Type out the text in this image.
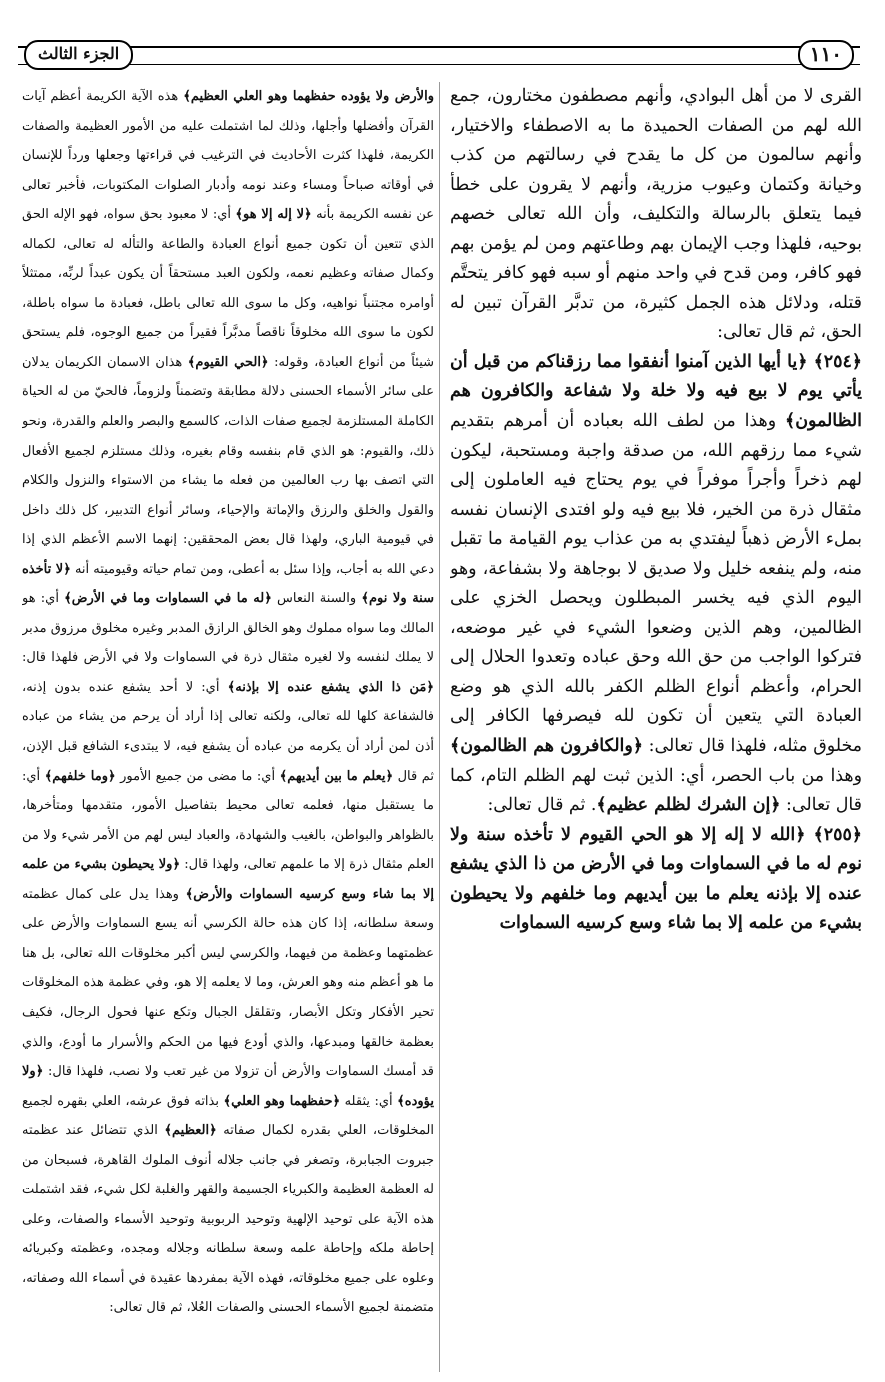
١١٠
الجزء الثالث

القرى لا من أهل البوادي، وأنهم مصطفون مختارون، جمع الله لهم من الصفات الحميدة ما به الاصطفاء والاختيار، وأنهم سالمون من كل ما يقدح في رسالتهم من كذب وخيانة وكتمان وعيوب مزرية، وأنهم لا يقرون على خطأ فيما يتعلق بالرسالة والتكليف، وأن الله تعالى خصهم بوحيه، فلهذا وجب الإيمان بهم وطاعتهم ومن لم يؤمن بهم فهو كافر، ومن قدح في واحد منهم أو سبه فهو كافر يتحتَّم قتله، ودلائل هذه الجمل كثيرة، من تدبَّر القرآن تبين له الحق، ثم قال تعالى:

﴿٢٥٤﴾ ﴿يا أيها الذين آمنوا أنفقوا مما رزقناكم من قبل أن يأتي يوم لا بيع فيه ولا خلة ولا شفاعة والكافرون هم الظالمون﴾ وهذا من لطف الله بعباده أن أمرهم بتقديم شيء مما رزقهم الله، من صدقة واجبة ومستحبة، ليكون لهم ذخراً وأجراً موفراً في يوم يحتاج فيه العاملون إلى مثقال ذرة من الخير، فلا بيع فيه ولو افتدى الإنسان نفسه بملء الأرض ذهباً ليفتدي به من عذاب يوم القيامة ما تقبل منه، ولم ينفعه خليل ولا صديق لا بوجاهة ولا بشفاعة، وهو اليوم الذي فيه يخسر المبطلون ويحصل الخزي على الظالمين، وهم الذين وضعوا الشيء في غير موضعه، فتركوا الواجب من حق الله وحق عباده وتعدوا الحلال إلى الحرام، وأعظم أنواع الظلم الكفر بالله الذي هو وضع العبادة التي يتعين أن تكون لله فيصرفها الكافر إلى مخلوق مثله، فلهذا قال تعالى: ﴿والكافرون هم الظالمون﴾ وهذا من باب الحصر، أي: الذين ثبت لهم الظلم التام، كما قال تعالى: ﴿إن الشرك لظلم عظيم﴾. ثم قال تعالى:

﴿٢٥٥﴾ ﴿الله لا إله إلا هو الحي القيوم لا تأخذه سنة ولا نوم له ما في السماوات وما في الأرض من ذا الذي يشفع عنده إلا بإذنه يعلم ما بين أيديهم وما خلفهم ولا يحيطون بشيء من علمه إلا بما شاء وسع كرسيه السماوات

والأرض ولا يؤوده حفظهما وهو العلي العظيم﴾ هذه الآية الكريمة أعظم آيات القرآن وأفضلها وأجلها، وذلك لما اشتملت عليه من الأمور العظيمة والصفات الكريمة، فلهذا كثرت الأحاديث في الترغيب في قراءتها وجعلها ورداً للإنسان في أوقاته صباحاً ومساء وعند نومه وأدبار الصلوات المكتوبات، فأخبر تعالى عن نفسه الكريمة بأنه ﴿لا إله إلا هو﴾ أي: لا معبود بحق سواه، فهو الإله الحق الذي تتعين أن تكون جميع أنواع العبادة والطاعة والتأله له تعالى، لكماله وكمال صفاته وعظيم نعمه، ولكون العبد مستحقاً أن يكون عبداً لربِّه، ممتثلاً أوامره مجتنباً نواهيه، وكل ما سوى الله تعالى باطل، فعبادة ما سواه باطلة، لكون ما سوى الله مخلوقاً ناقصاً مدبَّراً فقيراً من جميع الوجوه، فلم يستحق شيئاً من أنواع العبادة، وقوله: ﴿الحي القيوم﴾ هذان الاسمان الكريمان يدلان على سائر الأسماء الحسنى دلالة مطابقة وتضمناً ولزوماً، فالحيّ من له الحياة الكاملة المستلزمة لجميع صفات الذات، كالسمع والبصر والعلم والقدرة، ونحو ذلك، والقيوم: هو الذي قام بنفسه وقام بغيره، وذلك مستلزم لجميع الأفعال التي اتصف بها رب العالمين من فعله ما يشاء من الاستواء والنزول والكلام والقول والخلق والرزق والإماتة والإحياء، وسائر أنواع التدبير، كل ذلك داخل في قيومية الباري، ولهذا قال بعض المحققين: إنهما الاسم الأعظم الذي إذا دعي الله به أجاب، وإذا سئل به أعطى، ومن تمام حياته وقيوميته أنه ﴿لا تأخذه سنة ولا نوم﴾ والسنة النعاس ﴿له ما في السماوات وما في الأرض﴾ أي: هو المالك وما سواه مملوك وهو الخالق الرازق المدبر وغيره مخلوق مرزوق مدبر لا يملك لنفسه ولا لغيره مثقال ذرة في السماوات ولا في الأرض فلهذا قال: ﴿مَن ذا الذي يشفع عنده إلا بإذنه﴾ أي: لا أحد يشفع عنده بدون إذنه، فالشفاعة كلها لله تعالى، ولكنه تعالى إذا أراد أن يرحم من يشاء من عباده أذن لمن أراد أن يكرمه من عباده أن يشفع فيه، لا يبتدىء الشافع قبل الإذن، ثم قال ﴿يعلم ما بين أيديهم﴾ أي: ما مضى من جميع الأمور ﴿وما خلفهم﴾ أي: ما يستقبل منها، فعلمه تعالى محيط بتفاصيل الأمور، متقدمها ومتأخرها، بالظواهر والبواطن، بالغيب والشهادة، والعباد ليس لهم من الأمر شيء ولا من العلم مثقال ذرة إلا ما علمهم تعالى، ولهذا قال: ﴿ولا يحيطون بشيء من علمه إلا بما شاء وسع كرسيه السماوات والأرض﴾ وهذا يدل على كمال عظمته وسعة سلطانه، إذا كان هذه حالة الكرسي أنه يسع السماوات والأرض على عظمتهما وعظمة من فيهما، والكرسي ليس أكبر مخلوقات الله تعالى، بل هنا ما هو أعظم منه وهو العرش، وما لا يعلمه إلا هو، وفي عظمة هذه المخلوقات تحير الأفكار وتكل الأبصار، وتقلقل الجبال وتكع عنها فحول الرجال، فكيف بعظمة خالقها ومبدعها، والذي أودع فيها من الحكم والأسرار ما أودع، والذي قد أمسك السماوات والأرض أن تزولا من غير تعب ولا نصب، فلهذا قال: ﴿ولا يؤوده﴾ أي: يثقله ﴿حفظهما وهو العلي﴾ بذاته فوق عرشه، العلي بقهره لجميع المخلوقات، العلي بقدره لكمال صفاته ﴿العظيم﴾ الذي تتضائل عند عظمته جبروت الجبابرة، وتصغر في جانب جلاله أنوف الملوك القاهرة، فسبحان من له العظمة العظيمة والكبرياء الجسيمة والقهر والغلبة لكل شيء، فقد اشتملت هذه الآية على توحيد الإلهية وتوحيد الربوبية وتوحيد الأسماء والصفات، وعلى إحاطة ملكه وإحاطة علمه وسعة سلطانه وجلاله ومجده، وعظمته وكبريائه وعلوه على جميع مخلوقاته، فهذه الآية بمفردها عقيدة في أسماء الله وصفاته، متضمنة لجميع الأسماء الحسنى والصفات العُلا، ثم قال تعالى:
